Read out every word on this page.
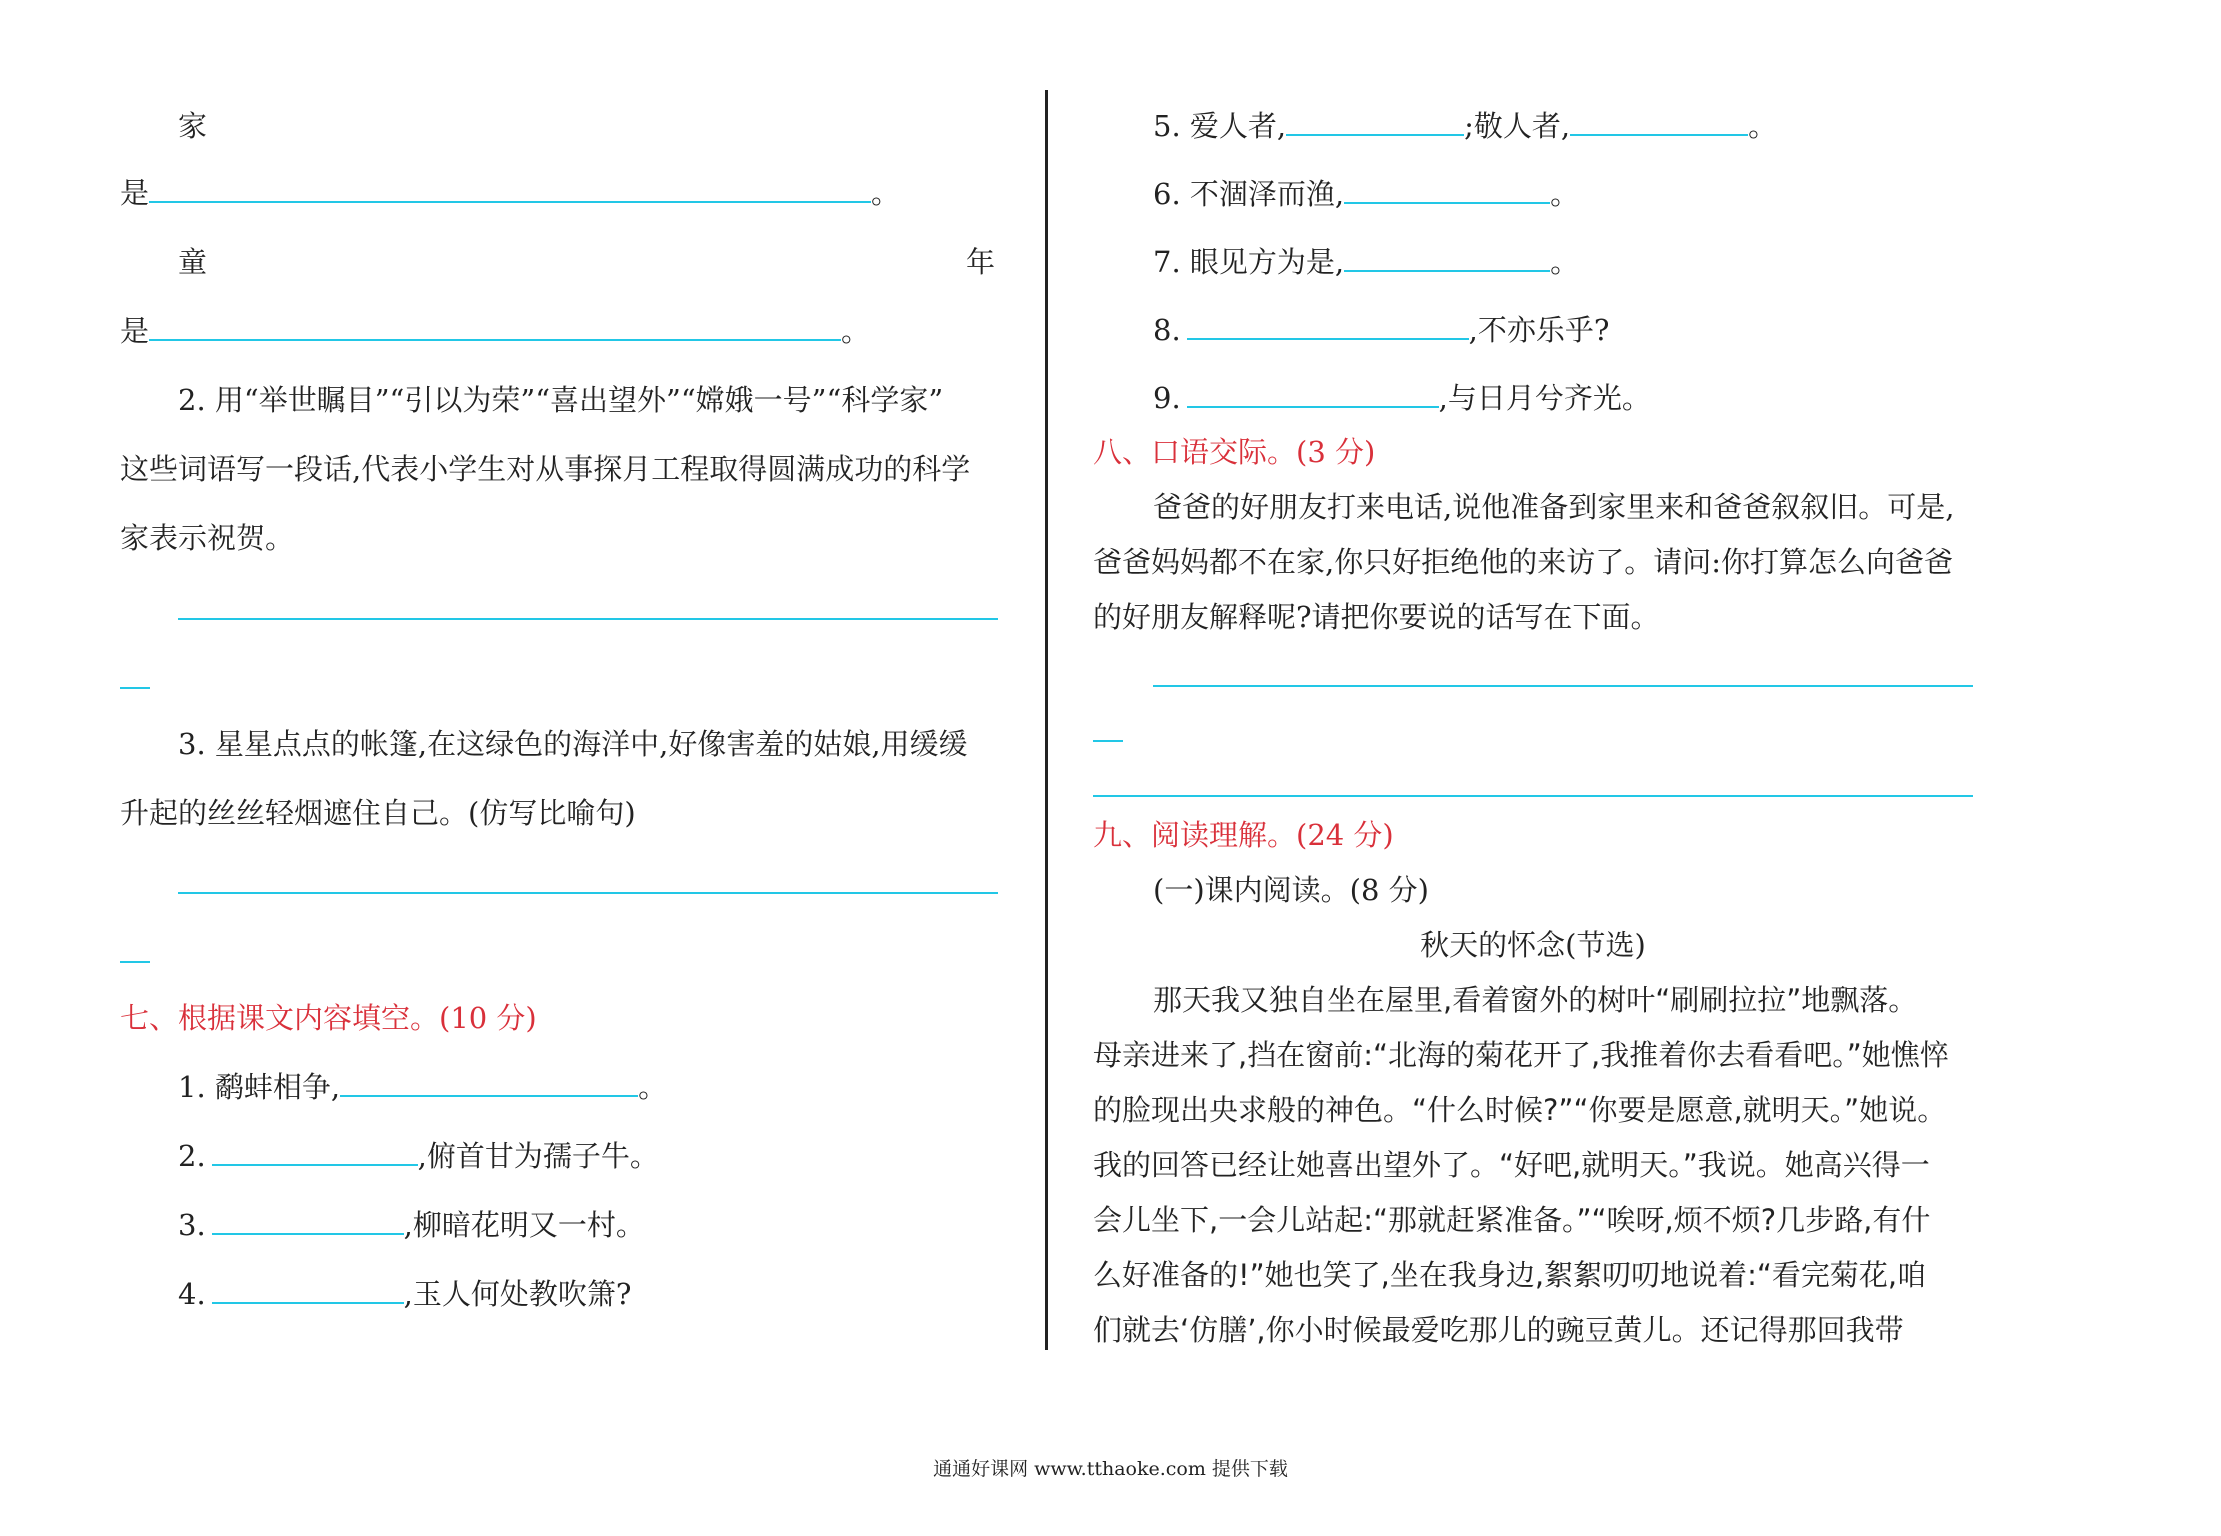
家
是	。
童	年
是	。
2. 用“举世瞩目”“引以为荣”“喜出望外”“嫦娥一号”“科学家”
这些词语写一段话,代表小学生对从事探月工程取得圆满成功的科学
家表示祝贺。
3. 星星点点的帐篷,在这绿色的海洋中,好像害羞的姑娘,用缓缓
升起的丝丝轻烟遮住自己。(仿写比喻句)
七、根据课文内容填空。(10 分)
1. 鹬蚌相争,	。
2.	,俯首甘为孺子牛。
3.	,柳暗花明又一村。
4.	,玉人何处教吹箫?
5. 爱人者,	;敬人者,	。
6. 不涸泽而渔,	。
7. 眼见方为是,	。
8.	,不亦乐乎?
9.	,与日月兮齐光。
八、口语交际。(3 分)
爸爸的好朋友打来电话,说他准备到家里来和爸爸叙叙旧。可是,
爸爸妈妈都不在家,你只好拒绝他的来访了。请问:你打算怎么向爸爸
的好朋友解释呢?请把你要说的话写在下面。
九、阅读理解。(24 分)
(一)课内阅读。(8 分)
秋天的怀念(节选)
那天我又独自坐在屋里,看着窗外的树叶“刷刷拉拉”地飘落。
母亲进来了,挡在窗前:“北海的菊花开了,我推着你去看看吧。”她憔悴
的脸现出央求般的神色。“什么时候?”“你要是愿意,就明天。”她说。
我的回答已经让她喜出望外了。“好吧,就明天。”我说。她高兴得一
会儿坐下,一会儿站起:“那就赶紧准备。”“唉呀,烦不烦?几步路,有什
么好准备的!”她也笑了,坐在我身边,絮絮叨叨地说着:“看完菊花,咱
们就去‘仿膳’,你小时候最爱吃那儿的豌豆黄儿。还记得那回我带
通通好课网 www.tthaoke.com 提供下载
